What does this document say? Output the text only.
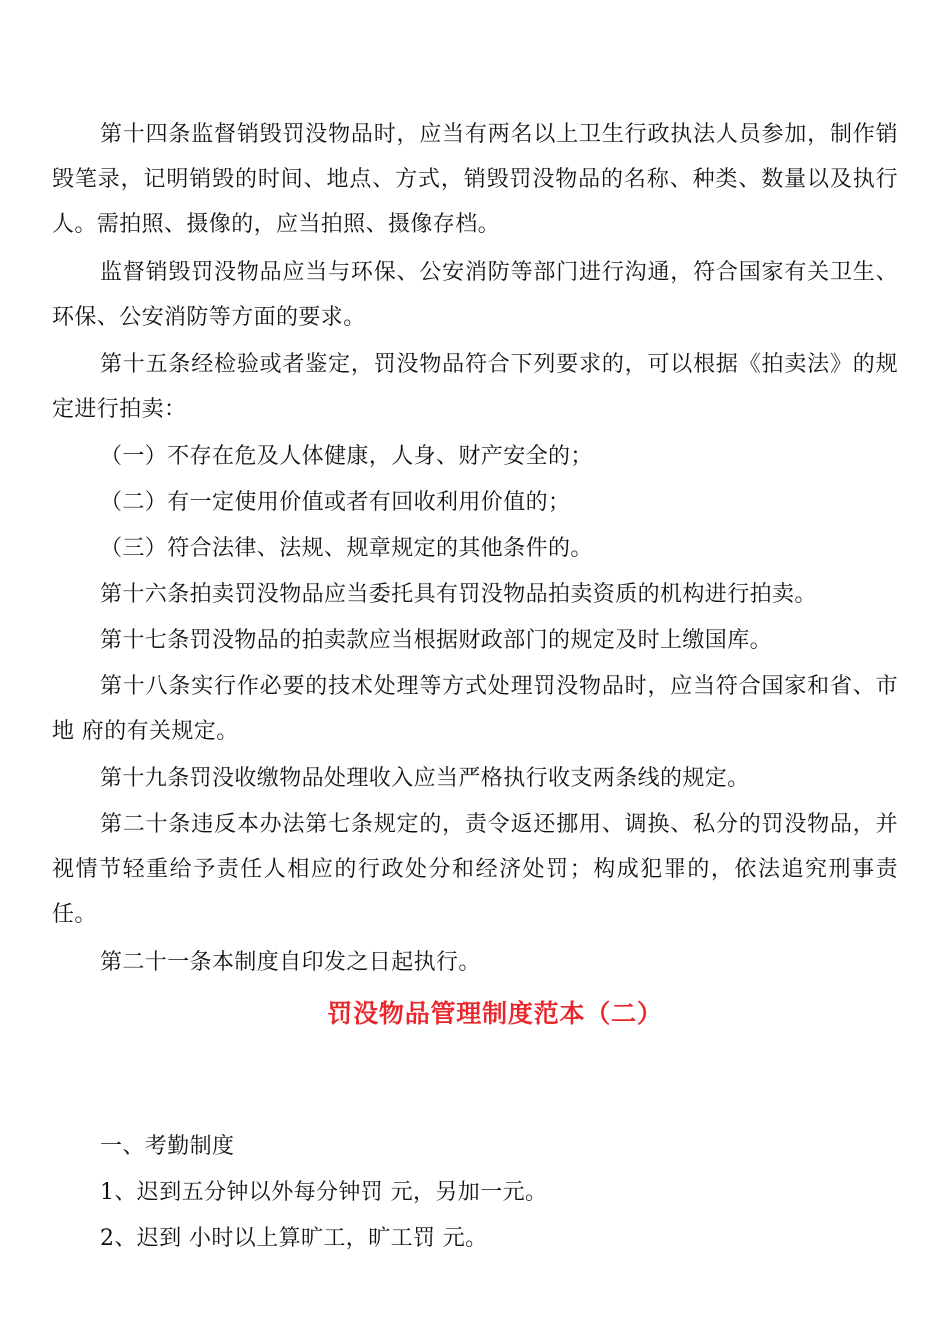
第十四条监督销毁罚没物品时，应当有两名以上卫生行政执法人员参加，制作销毁笔录，记明销毁的时间、地点、方式，销毁罚没物品的名称、种类、数量以及执行人。需拍照、摄像的，应当拍照、摄像存档。

监督销毁罚没物品应当与环保、公安消防等部门进行沟通，符合国家有关卫生、环保、公安消防等方面的要求。

第十五条经检验或者鉴定，罚没物品符合下列要求的，可以根据《拍卖法》的规定进行拍卖：

（一）不存在危及人体健康，人身、财产安全的；

（二）有一定使用价值或者有回收利用价值的；

（三）符合法律、法规、规章规定的其他条件的。

第十六条拍卖罚没物品应当委托具有罚没物品拍卖资质的机构进行拍卖。

第十七条罚没物品的拍卖款应当根据财政部门的规定及时上缴国库。

第十八条实行作必要的技术处理等方式处理罚没物品时，应当符合国家和省、市地 府的有关规定。

第十九条罚没收缴物品处理收入应当严格执行收支两条线的规定。

第二十条违反本办法第七条规定的，责令返还挪用、调换、私分的罚没物品，并视情节轻重给予责任人相应的行政处分和经济处罚；构成犯罪的，依法追究刑事责任。

第二十一条本制度自印发之日起执行。

罚没物品管理制度范本（二）

一、考勤制度

1、迟到五分钟以外每分钟罚 元，另加一元。

2、迟到 小时以上算旷工，旷工罚 元。
